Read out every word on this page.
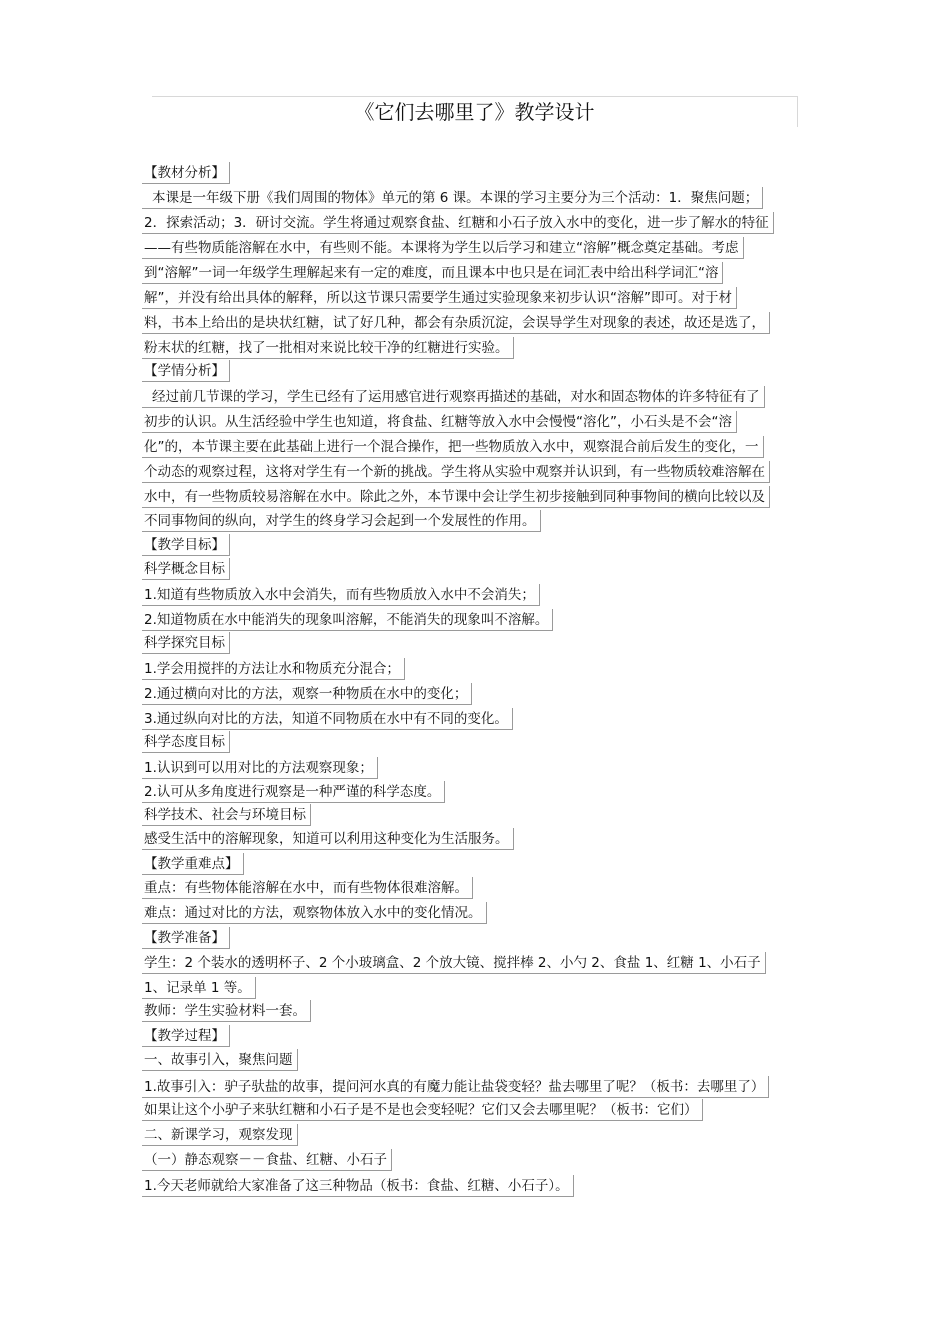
《它们去哪里了》教学设计
【教材分析】
本课是一年级下册《我们周围的物体》单元的第 6 课。本课的学习主要分为三个活动：1．聚焦问题；
2．探索活动；3．研讨交流。学生将通过观察食盐、红糖和小石子放入水中的变化，进一步了解水的特征
——有些物质能溶解在水中，有些则不能。本课将为学生以后学习和建立“溶解”概念奠定基础。考虑
到“溶解”一词一年级学生理解起来有一定的难度，而且课本中也只是在词汇表中给出科学词汇“溶
解”，并没有给出具体的解释，所以这节课只需要学生通过实验现象来初步认识“溶解”即可。对于材
料，书本上给出的是块状红糖，试了好几种，都会有杂质沉淀，会误导学生对现象的表述，故还是选了，
粉末状的红糖，找了一批相对来说比较干净的红糖进行实验。
【学情分析】
经过前几节课的学习，学生已经有了运用感官进行观察再描述的基础，对水和固态物体的许多特征有了
初步的认识。从生活经验中学生也知道，将食盐、红糖等放入水中会慢慢“溶化”，小石头是不会“溶
化”的，本节课主要在此基础上进行一个混合操作，把一些物质放入水中，观察混合前后发生的变化，一
个动态的观察过程，这将对学生有一个新的挑战。学生将从实验中观察并认识到，有一些物质较难溶解在
水中，有一些物质较易溶解在水中。除此之外，本节课中会让学生初步接触到同种事物间的横向比较以及
不同事物间的纵向，对学生的终身学习会起到一个发展性的作用。
【教学目标】
科学概念目标
1.知道有些物质放入水中会消失，而有些物质放入水中不会消失；
2.知道物质在水中能消失的现象叫溶解，不能消失的现象叫不溶解。
科学探究目标
1.学会用搅拌的方法让水和物质充分混合；
2.通过横向对比的方法，观察一种物质在水中的变化；
3.通过纵向对比的方法，知道不同物质在水中有不同的变化。
科学态度目标
1.认识到可以用对比的方法观察现象；
2.认可从多角度进行观察是一种严谨的科学态度。
科学技术、社会与环境目标
感受生活中的溶解现象，知道可以利用这种变化为生活服务。
【教学重难点】
重点：有些物体能溶解在水中，而有些物体很难溶解。
难点：通过对比的方法，观察物体放入水中的变化情况。
【教学准备】
学生：2 个装水的透明杯子、2 个小玻璃盒、2 个放大镜、搅拌棒 2、小勺 2、食盐 1、红糖 1、小石子
1、记录单 1 等。
教师：学生实验材料一套。
【教学过程】
一、故事引入，聚焦问题
1.故事引入：驴子驮盐的故事，提问河水真的有魔力能让盐袋变轻？盐去哪里了呢？（板书：去哪里了）
如果让这个小驴子来驮红糖和小石子是不是也会变轻呢？它们又会去哪里呢？（板书：它们）
二、新课学习，观察发现
（一）静态观察－－食盐、红糖、小石子
1.今天老师就给大家准备了这三种物品（板书：食盐、红糖、小石子）。
